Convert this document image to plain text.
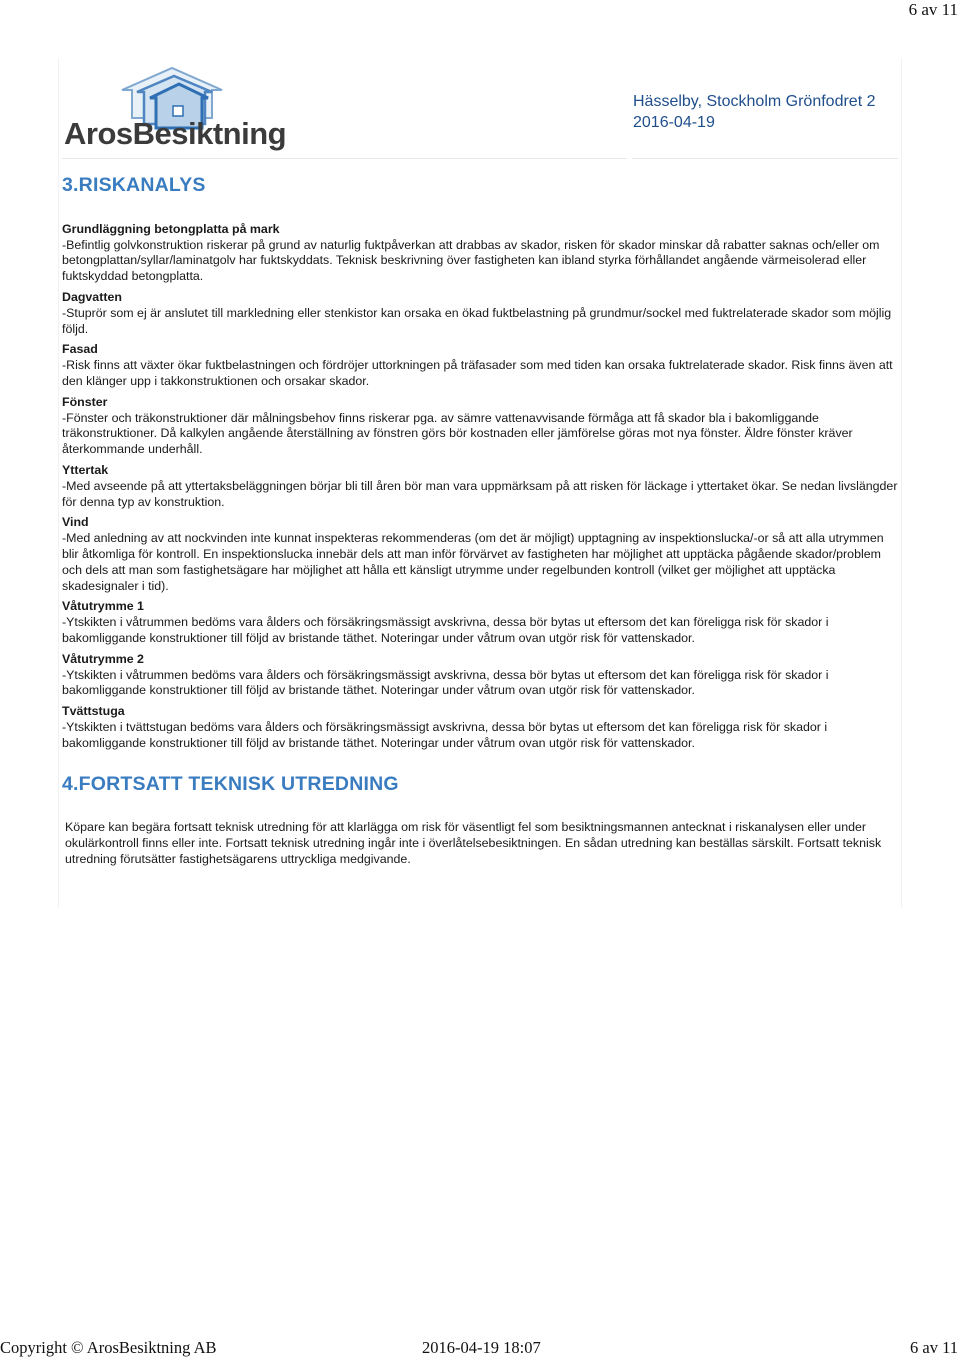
6 av 11
ArosBesiktning
Hässelby, Stockholm Grönfodret 2
2016-04-19
3.RISKANALYS
Grundläggning betongplatta på mark
-Befintlig golvkonstruktion riskerar på grund av naturlig fuktpåverkan att drabbas av skador, risken för skador minskar då rabatter saknas och/eller om betongplattan/syllar/laminatgolv har fuktskyddats. Teknisk beskrivning över fastigheten kan ibland styrka förhållandet angående värmeisolerad eller fuktskyddad betongplatta.
Dagvatten
-Stuprör som ej är anslutet till markledning eller stenkistor kan orsaka en ökad fuktbelastning på grundmur/sockel med fuktrelaterade skador som möjlig följd.
Fasad
-Risk finns att växter ökar fuktbelastningen och fördröjer uttorkningen på träfasader som med tiden kan orsaka fuktrelaterade skador. Risk finns även att den klänger upp i takkonstruktionen och orsakar skador.
Fönster
-Fönster och träkonstruktioner där målningsbehov finns riskerar pga. av sämre vattenavvisande förmåga att få skador bla i bakomliggande träkonstruktioner. Då kalkylen angående återställning av fönstren görs bör kostnaden eller jämförelse göras mot nya fönster. Äldre fönster kräver återkommande underhåll.
Yttertak
-Med avseende på att yttertaksbeläggningen börjar bli till åren bör man vara uppmärksam på att risken för läckage i yttertaket ökar. Se nedan livslängder för denna typ av konstruktion.
Vind
-Med anledning av att nockvinden inte kunnat inspekteras rekommenderas (om det är möjligt) upptagning av inspektionslucka/-or så att alla utrymmen blir åtkomliga för kontroll. En inspektionslucka innebär dels att man inför förvärvet av fastigheten har möjlighet att upptäcka pågående skador/problem och dels att man som fastighetsägare har möjlighet att hålla ett känsligt utrymme under regelbunden kontroll (vilket ger möjlighet att upptäcka skadesignaler i tid).
Våtutrymme 1
-Ytskikten i våtrummen bedöms vara ålders och försäkringsmässigt avskrivna, dessa bör bytas ut eftersom det kan föreligga risk för skador i bakomliggande konstruktioner till följd av bristande täthet. Noteringar under våtrum ovan utgör risk för vattenskador.
Våtutrymme 2
-Ytskikten i våtrummen bedöms vara ålders och försäkringsmässigt avskrivna, dessa bör bytas ut eftersom det kan föreligga risk för skador i bakomliggande konstruktioner till följd av bristande täthet. Noteringar under våtrum ovan utgör risk för vattenskador.
Tvättstuga
-Ytskikten i tvättstugan bedöms vara ålders och försäkringsmässigt avskrivna, dessa bör bytas ut eftersom det kan föreligga risk för skador i bakomliggande konstruktioner till följd av bristande täthet. Noteringar under våtrum ovan utgör risk för vattenskador.
4.FORTSATT TEKNISK UTREDNING
Köpare kan begära fortsatt teknisk utredning för att klarlägga om risk för väsentligt fel som besiktningsmannen antecknat i riskanalysen eller under okulärkontroll finns eller inte. Fortsatt teknisk utredning ingår inte i överlåtelsebesiktningen. En sådan utredning kan beställas särskilt. Fortsatt teknisk utredning förutsätter fastighetsägarens uttryckliga medgivande.
Copyright © ArosBesiktning AB	2016-04-19 18:07	6 av 11
